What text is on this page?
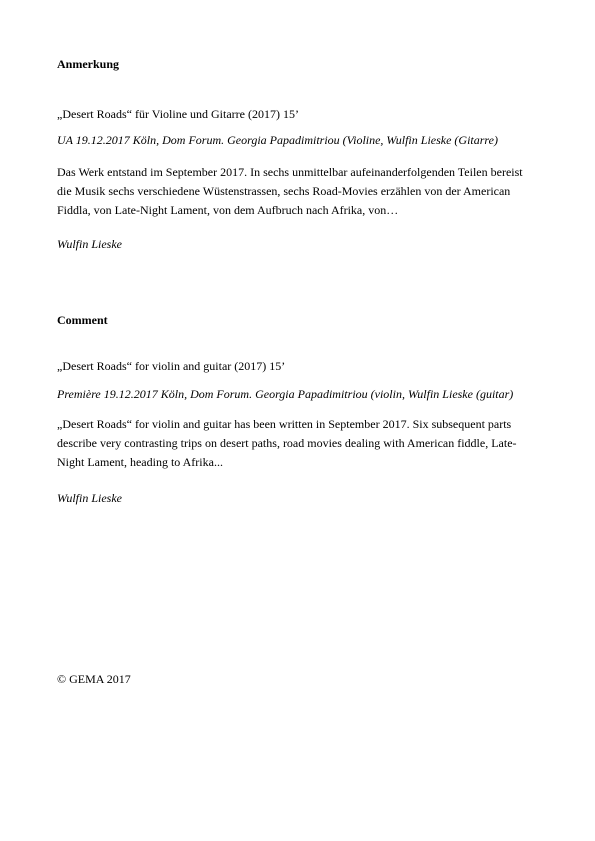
Anmerkung

„Desert Roads“ für Violine und Gitarre (2017) 15’

UA 19.12.2017 Köln, Dom Forum. Georgia Papadimitriou (Violine, Wulfin Lieske (Gitarre)

Das Werk entstand im September 2017. In sechs unmittelbar aufeinanderfolgenden Teilen bereist die Musik sechs verschiedene Wüstenstrassen, sechs Road-Movies erzählen von der American Fiddla, von Late-Night Lament, von dem Aufbruch nach Afrika, von…

Wulfin Lieske

Comment

„Desert Roads“ for violin and guitar (2017) 15’

Première 19.12.2017 Köln, Dom Forum. Georgia Papadimitriou (violin, Wulfin Lieske (guitar)

„Desert Roads“ for violin and guitar has been written in September 2017. Six subsequent parts describe very contrasting trips on desert paths, road movies dealing with American fiddle, Late-Night Lament, heading to Afrika...

Wulfin Lieske

© GEMA 2017
